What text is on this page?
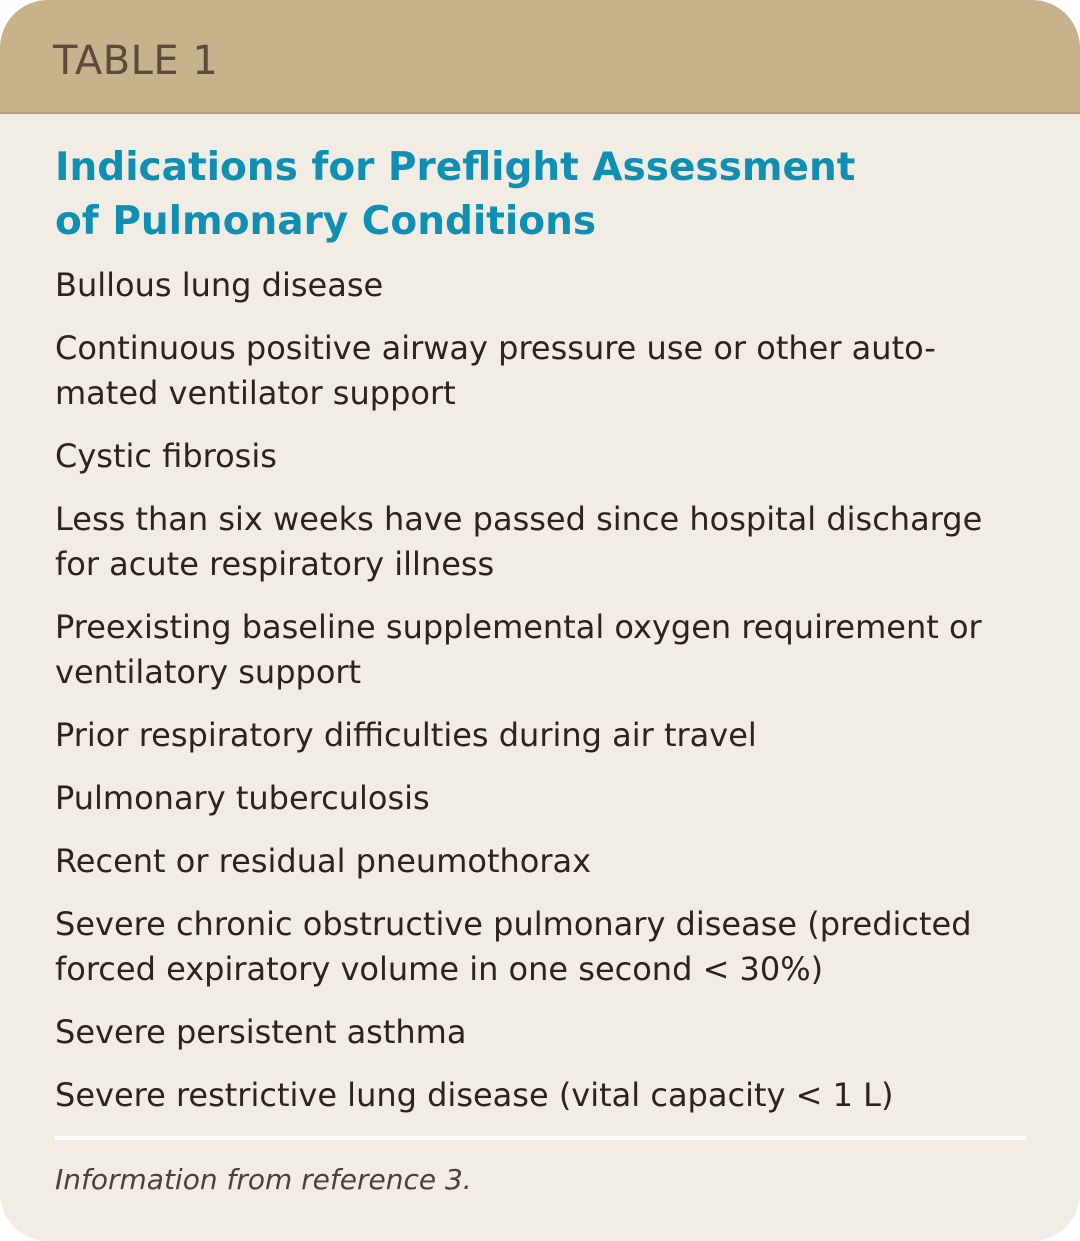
TABLE 1
Indications for Preflight Assessment of Pulmonary Conditions
Bullous lung disease
Continuous positive airway pressure use or other auto-mated ventilator support
Cystic fibrosis
Less than six weeks have passed since hospital discharge for acute respiratory illness
Preexisting baseline supplemental oxygen requirement or ventilatory support
Prior respiratory difficulties during air travel
Pulmonary tuberculosis
Recent or residual pneumothorax
Severe chronic obstructive pulmonary disease (predicted forced expiratory volume in one second < 30%)
Severe persistent asthma
Severe restrictive lung disease (vital capacity < 1 L)
Information from reference 3.
